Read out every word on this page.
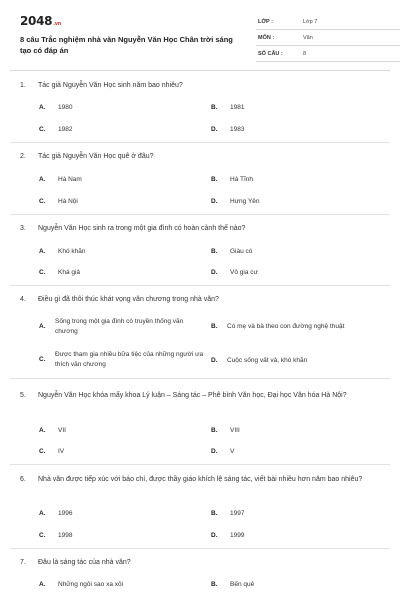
2048.vn
8 câu Trắc nghiệm nhà văn Nguyễn Văn Học Chân trời sáng tạo có đáp án
LỚP :	Lớp 7
MÔN :	Văn
SỐ CÂU :	8
1. Tác giả Nguyễn Văn Học sinh năm bao nhiêu?
A.	1980	B.	1981
C.	1982	D.	1983
2. Tác giả Nguyễn Văn Học quê ở đâu?
A.	Hà Nam	B.	Hà Tĩnh
C.	Hà Nội	D.	Hưng Yên
3. Nguyễn Văn Học sinh ra trong một gia đình có hoàn cảnh thế nào?
A.	Khó khăn	B.	Giàu có
C.	Khá giả	D.	Vô gia cư
4. Điều gì đã thôi thúc khát vọng văn chương trong nhà văn?
A.
Sống trong một gia đình có truyền thống văn chương
B.	Có mẹ và bà theo con đường nghệ thuật
C.
Được tham gia nhiều bữa tiệc của những người ưa thích văn chương
D.	Cuộc sống vất vả, khó khăn
5. Nguyễn Văn Học khóa mấy khoa Lý luận – Sáng tác – Phê bình Văn học, Đại học Văn hóa Hà Nội?
A.	VII	B.	VIII
C.	IV	D.	V
6. Nhà văn được tiếp xúc với báo chí, được thầy giáo khích lệ sáng tác, viết bài nhiều hơn năm bao nhiêu?
A.	1996	B.	1997
C.	1998	D.	1999
7. Đâu là sáng tác của nhà văn?
A.	Những ngôi sao xa xôi	B.	Bến quê
